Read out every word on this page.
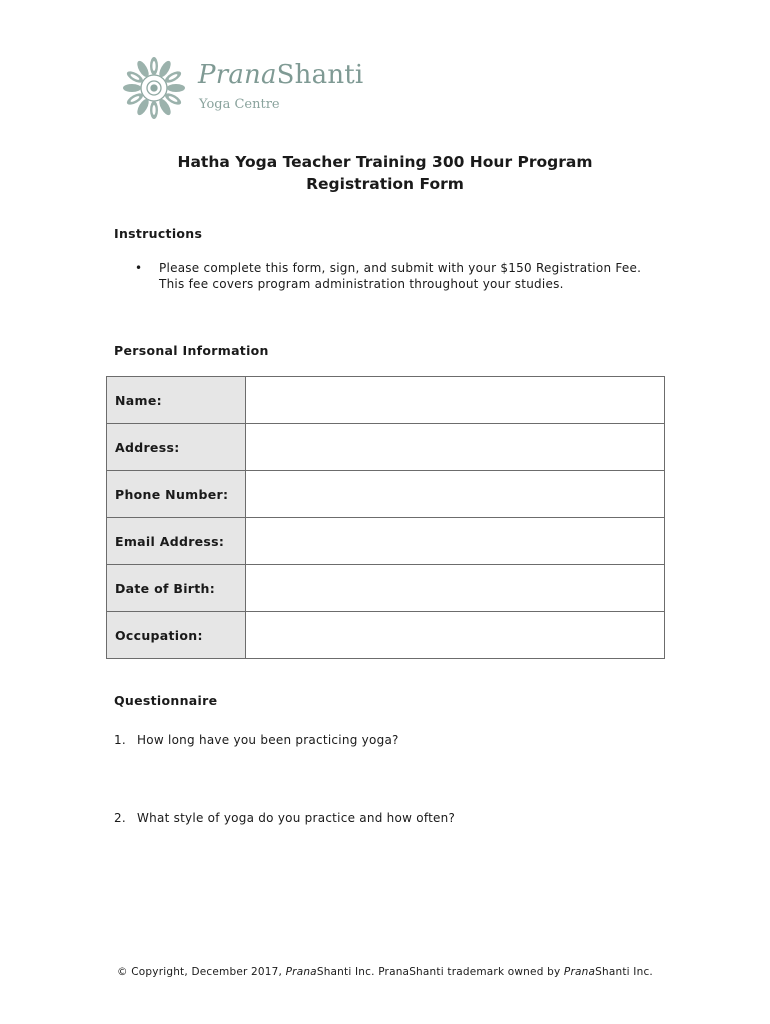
PranaShanti
Yoga Centre
Hatha Yoga Teacher Training 300 Hour Program
Registration Form
Instructions
• Please complete this form, sign, and submit with your $150 Registration Fee.
This fee covers program administration throughout your studies.
Personal Information
Name:	
Address:	
Phone Number:	
Email Address:	
Date of Birth:	
Occupation:	
Questionnaire
1. How long have you been practicing yoga?
2. What style of yoga do you practice and how often?
© Copyright, December 2017, PranaShanti Inc. PranaShanti trademark owned by PranaShanti Inc.
